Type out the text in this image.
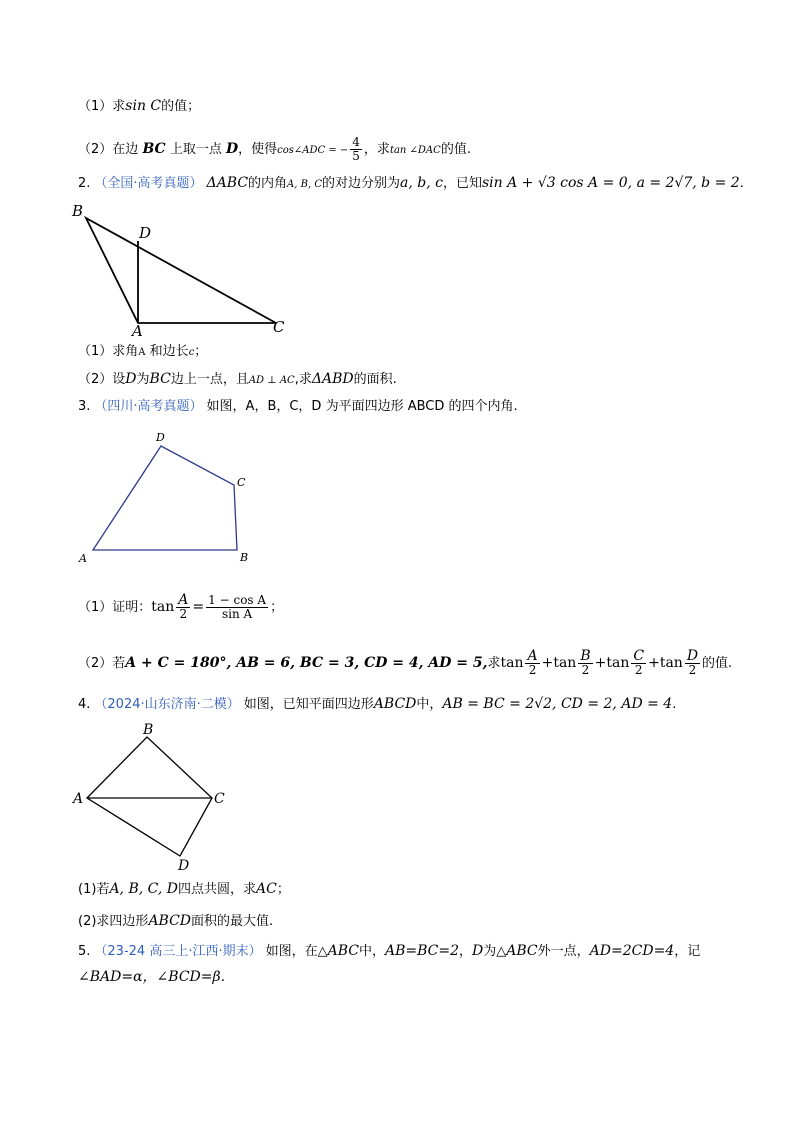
（1）求sin C的值；
（2）在边 BC 上取一点 D，使得cos∠ADC = − $\frac{4}{5}$ ，求tan ∠DAC的值.
2. （全国·高考真题） ΔABC的内角A, B, C的对边分别为a, b, c，已知sin A + √3 cos A = 0, a = 2√7, b = 2.
B
D
A	C
（1）求角A 和边长c；
（2）设D为BC边上一点，且AD ⊥ AC,求ΔABD的面积.
3. （四川·高考真题） 如图，A，B，C，D 为平面四边形 ABCD 的四个内角.
D
C
A	B
（1）证明：$\tan \frac{A}{2} = \frac{\text{1 − cos A}}{\text{sin A}}$ ；
（2）若A + C = 180°, AB = 6, BC = 3, CD = 4, AD = 5,求$\tan \frac{A}{2} +\tan \frac{B}{2} +\tan \frac{C}{2} +\tan \frac{D}{2}$ 的值.
4. （2024·山东济南·二模） 如图，已知平面四边形ABCD中，AB = BC = 2√2, CD = 2, AD = 4.
B
A	C
D
(1)若A, B, C, D四点共圆，求AC；
(2)求四边形ABCD面积的最大值.
5. （23-24 高三上·江西·期末） 如图，在△ABC中，AB=BC=2，D为△ABC外一点，AD=2CD=4，记
∠BAD=α，∠BCD=β.
